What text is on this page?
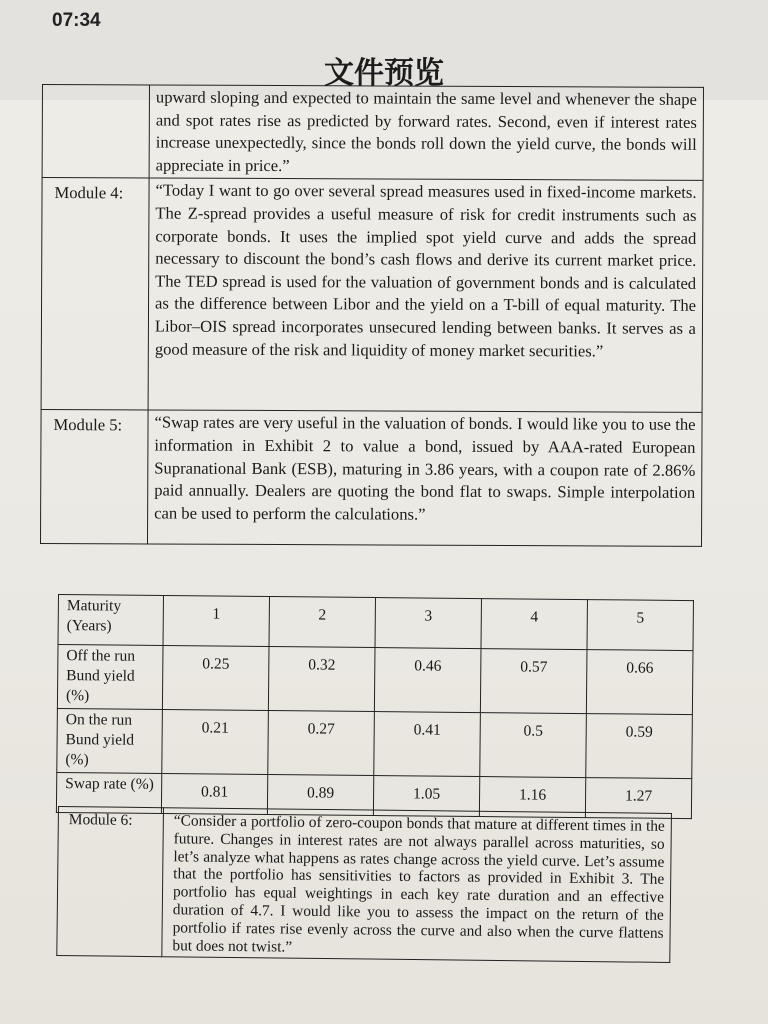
07:34
文件预览
	upward sloping and expected to maintain the same level and whenever the shape and spot rates rise as predicted by forward rates. Second, even if interest rates increase unexpectedly, since the bonds roll down the yield curve, the bonds will appreciate in price.”
Module 4:	“Today I want to go over several spread measures used in fixed-income markets. The Z-spread provides a useful measure of risk for credit instruments such as corporate bonds. It uses the implied spot yield curve and adds the spread necessary to discount the bond’s cash flows and derive its current market price. The TED spread is used for the valuation of government bonds and is calculated as the difference between Libor and the yield on a T-bill of equal maturity. The Libor–OIS spread incorporates unsecured lending between banks. It serves as a good measure of the risk and liquidity of money market securities.”
Module 5:	“Swap rates are very useful in the valuation of bonds. I would like you to use the information in Exhibit 2 to value a bond, issued by AAA-rated European Supranational Bank (ESB), maturing in 3.86 years, with a coupon rate of 2.86% paid annually. Dealers are quoting the bond flat to swaps. Simple interpolation can be used to perform the calculations.”
Maturity (Years)	1	2	3	4	5
Off the run Bund yield (%)	0.25	0.32	0.46	0.57	0.66
On the run Bund yield (%)	0.21	0.27	0.41	0.5	0.59
Swap rate (%)	0.81	0.89	1.05	1.16	1.27
Module 6:	“Consider a portfolio of zero-coupon bonds that mature at different times in the future. Changes in interest rates are not always parallel across maturities, so let’s analyze what happens as rates change across the yield curve. Let’s assume that the portfolio has sensitivities to factors as provided in Exhibit 3. The portfolio has equal weightings in each key rate duration and an effective duration of 4.7. I would like you to assess the impact on the return of the portfolio if rates rise evenly across the curve and also when the curve flattens but does not twist.”
